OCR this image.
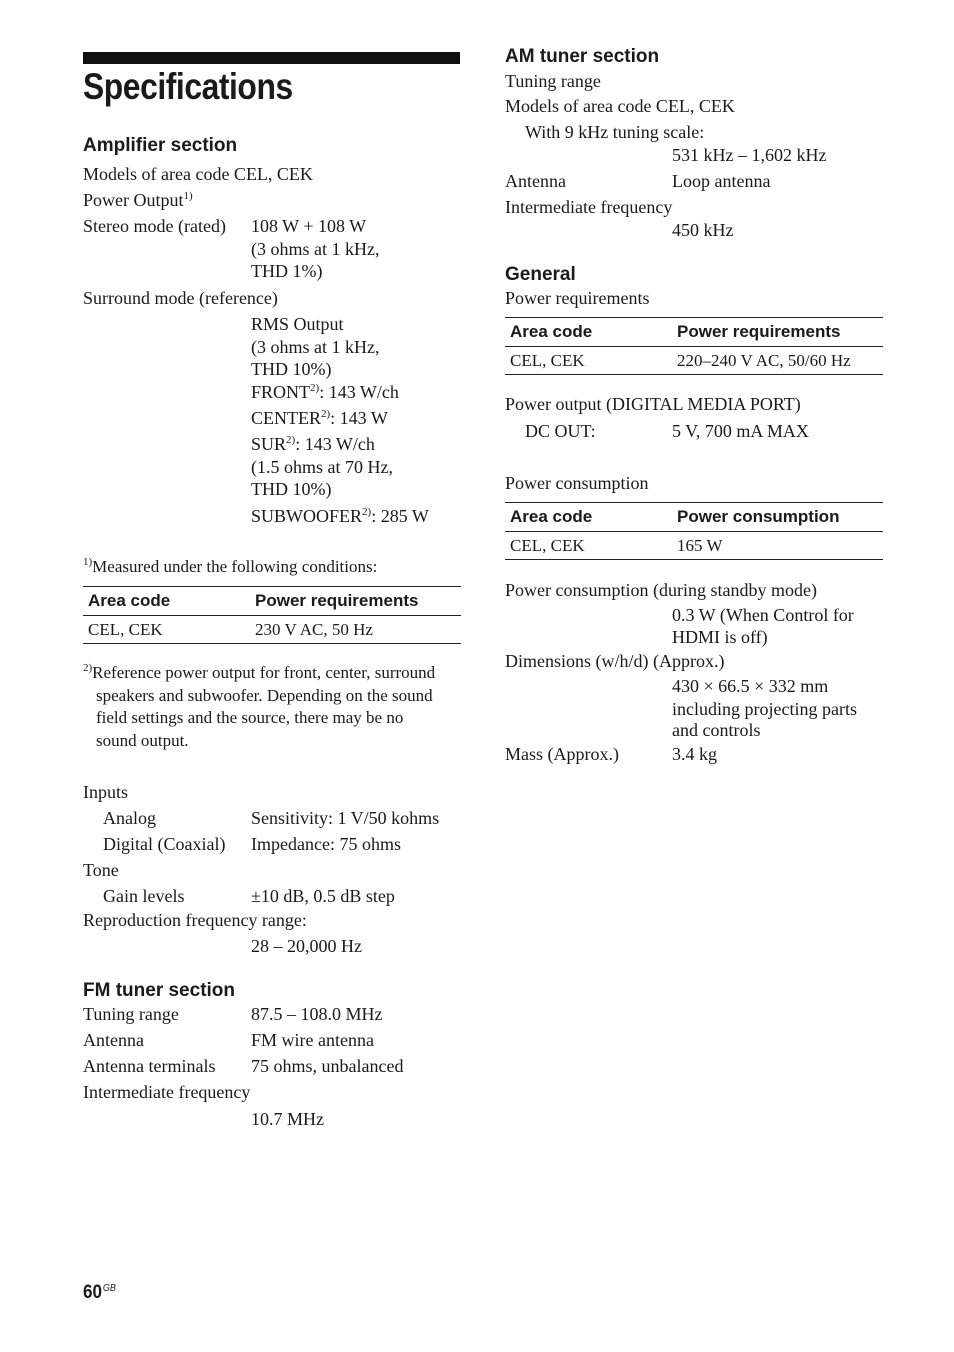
Specifications
Amplifier section
Models of area code CEL, CEK
Power Output$^{1)}$
Stereo mode (rated) 108 W + 108 W
(3 ohms at 1 kHz,
THD 1%)
Surround mode (reference)
RMS Output
(3 ohms at 1 kHz,
THD 10%)
FRONT$^{2)}$: 143 W/ch
CENTER$^{2)}$: 143 W
SUR$^{2)}$: 143 W/ch
(1.5 ohms at 70 Hz,
THD 10%)
SUBWOOFER$^{2)}$: 285 W
$^{1)}$Measured under the following conditions:
Area code	Power requirements
CEL, CEK	230 V AC, 50 Hz
$^{2)}$Reference power output for front, center, surround
speakers and subwoofer. Depending on the sound
field settings and the source, there may be no
sound output.
Inputs
Analog	Sensitivity: 1 V/50 kohms
Digital (Coaxial) Impedance: 75 ohms
Tone
Gain levels	±10 dB, 0.5 dB step
Reproduction frequency range:
28 – 20,000 Hz
FM tuner section
Tuning range	87.5 – 108.0 MHz
Antenna	FM wire antenna
Antenna terminals 75 ohms, unbalanced
Intermediate frequency
10.7 MHz
AM tuner section
Tuning range
Models of area code CEL, CEK
With 9 kHz tuning scale:
531 kHz – 1,602 kHz
Antenna	Loop antenna
Intermediate frequency
450 kHz
General
Power requirements
Area code	Power requirements
CEL, CEK	220–240 V AC, 50/60 Hz
Power output (DIGITAL MEDIA PORT)
DC OUT:	5 V, 700 mA MAX
Power consumption
Area code	Power consumption
CEL, CEK	165 W
Power consumption (during standby mode)
0.3 W (When Control for
HDMI is off)
Dimensions (w/h/d) (Approx.)
430 × 66.5 × 332 mm
including projecting parts
and controls
Mass (Approx.)	3.4 kg
$60^{GB}$
